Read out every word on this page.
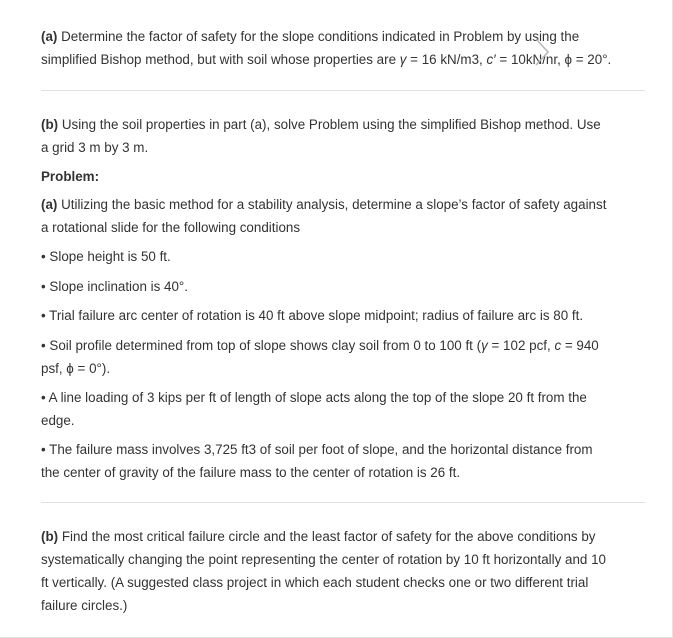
(a) Determine the factor of safety for the slope conditions indicated in Problem by using the
simplified Bishop method, but with soil whose properties are γ = 16 kN/m3, c′ = 10kN/nr, ϕ = 20°.

(b) Using the soil properties in part (a), solve Problem using the simplified Bishop method. Use
a grid 3 m by 3 m.

Problem:

(a) Utilizing the basic method for a stability analysis, determine a slope’s factor of safety against
a rotational slide for the following conditions

• Slope height is 50 ft.

• Slope inclination is 40°.

• Trial failure arc center of rotation is 40 ft above slope midpoint; radius of failure arc is 80 ft.

• Soil profile determined from top of slope shows clay soil from 0 to 100 ft (γ = 102 pcf, c = 940
psf, ϕ = 0°).

• A line loading of 3 kips per ft of length of slope acts along the top of the slope 20 ft from the
edge.

• The failure mass involves 3,725 ft3 of soil per foot of slope, and the horizontal distance from
the center of gravity of the failure mass to the center of rotation is 26 ft.

(b) Find the most critical failure circle and the least factor of safety for the above conditions by
systematically changing the point representing the center of rotation by 10 ft horizontally and 10
ft vertically. (A suggested class project in which each student checks one or two different trial
failure circles.)
